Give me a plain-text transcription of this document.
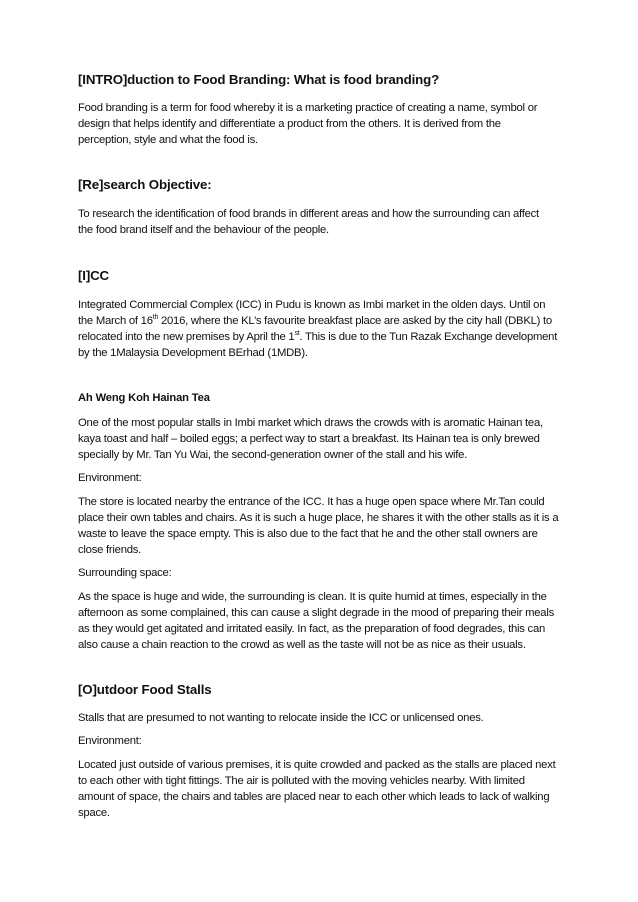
[INTRO]duction to Food Branding: What is food branding?
Food branding is a term for food whereby it is a marketing practice of creating a name, symbol or
design that helps identify and differentiate a product from the others. It is derived from the
perception, style and what the food is.
[Re]search Objective:
To research the identification of food brands in different areas and how the surrounding can affect
the food brand itself and the behaviour of the people.
[I]CC
Integrated Commercial Complex (ICC) in Pudu is known as Imbi market in the olden days. Until on
the March of 16th 2016, where the KL’s favourite breakfast place are asked by the city hall (DBKL) to
relocated into the new premises by April the 1st. This is due to the Tun Razak Exchange development
by the 1Malaysia Development BErhad (1MDB).
Ah Weng Koh Hainan Tea
One of the most popular stalls in Imbi market which draws the crowds with is aromatic Hainan tea,
kaya toast and half – boiled eggs; a perfect way to start a breakfast. Its Hainan tea is only brewed
specially by Mr. Tan Yu Wai, the second-generation owner of the stall and his wife.
Environment:
The store is located nearby the entrance of the ICC. It has a huge open space where Mr.Tan could
place their own tables and chairs. As it is such a huge place, he shares it with the other stalls as it is a
waste to leave the space empty. This is also due to the fact that he and the other stall owners are
close friends.
Surrounding space:
As the space is huge and wide, the surrounding is clean. It is quite humid at times, especially in the
afternoon as some complained, this can cause a slight degrade in the mood of preparing their meals
as they would get agitated and irritated easily. In fact, as the preparation of food degrades, this can
also cause a chain reaction to the crowd as well as the taste will not be as nice as their usuals.
[O]utdoor Food Stalls
Stalls that are presumed to not wanting to relocate inside the ICC or unlicensed ones.
Environment:
Located just outside of various premises, it is quite crowded and packed as the stalls are placed next
to each other with tight fittings. The air is polluted with the moving vehicles nearby. With limited
amount of space, the chairs and tables are placed near to each other which leads to lack of walking
space.
